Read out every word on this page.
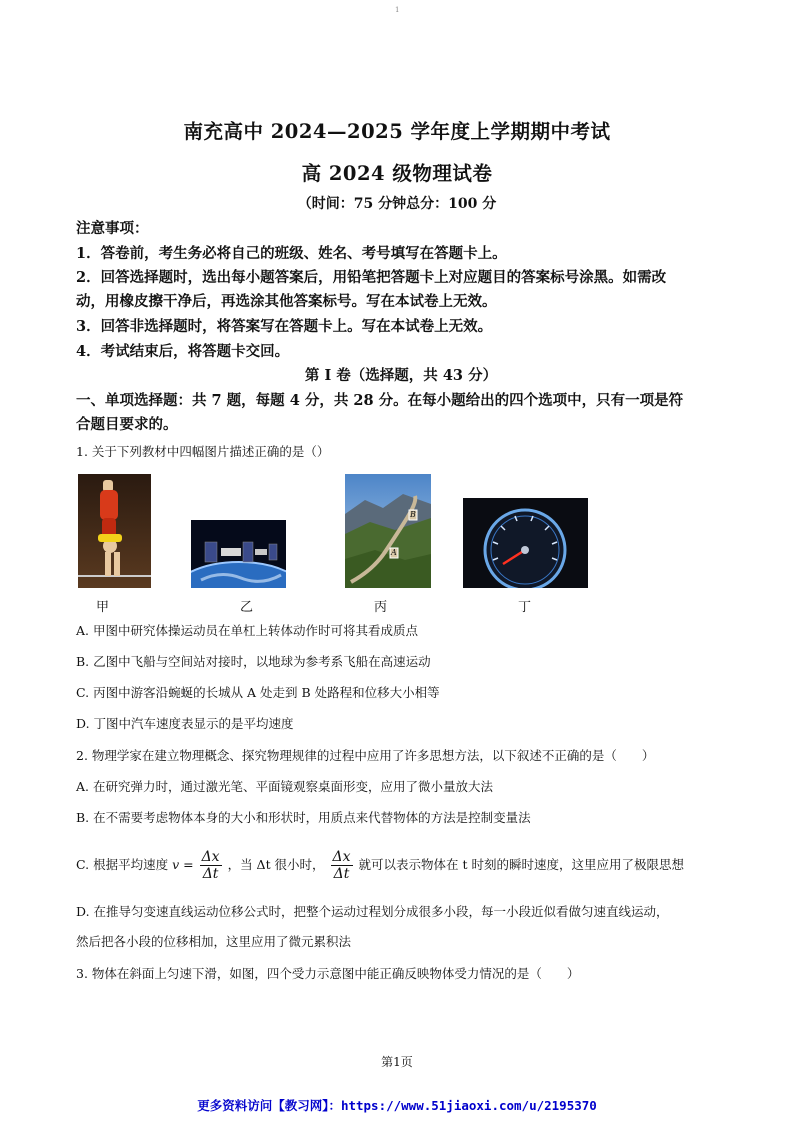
1
南充高中 2024—2025 学年度上学期期中考试
高 2024 级物理试卷
（时间：75 分钟总分：100 分
注意事项：
1．答卷前，考生务必将自己的班级、姓名、考号填写在答题卡上。
2．回答选择题时，选出每小题答案后，用铅笔把答题卡上对应题目的答案标号涂黑。如需改
动，用橡皮擦干净后，再选涂其他答案标号。写在本试卷上无效。
3．回答非选择题时，将答案写在答题卡上。写在本试卷上无效。
4．考试结束后，将答题卡交回。
第 I 卷（选择题，共 43 分）
一、单项选择题：共 7 题，每题 4 分，共 28 分。在每小题给出的四个选项中，只有一项是符
合题目要求的。
1. 关于下列教材中四幅图片描述正确的是（）
甲	乙
B
A
丙	丁
A. 甲图中研究体操运动员在单杠上转体动作时可将其看成质点
B. 乙图中飞船与空间站对接时，以地球为参考系飞船在高速运动
C. 丙图中游客沿蜿蜒的长城从 A 处走到 B 处路程和位移大小相等
D. 丁图中汽车速度表显示的是平均速度
2. 物理学家在建立物理概念、探究物理规律的过程中应用了许多思想方法，以下叙述不正确的是（　　）
A. 在研究弹力时，通过激光笔、平面镜观察桌面形变，应用了微小量放大法
B. 在不需要考虑物体本身的大小和形状时，用质点来代替物体的方法是控制变量法
C. 根据平均速度 $v = \frac{\Delta x}{\Delta t}$ ，当 Δt 很小时， $\frac{\Delta x}{\Delta t}$ 就可以表示物体在 t 时刻的瞬时速度，这里应用了极限思想
D. 在推导匀变速直线运动位移公式时，把整个运动过程划分成很多小段，每一小段近似看做匀速直线运动，
然后把各小段的位移相加，这里应用了微元累积法
3. 物体在斜面上匀速下滑，如图，四个受力示意图中能正确反映物体受力情况的是（　　）
第1页
更多资料访问【教习网】：https://www.51jiaoxi.com/u/2195370
